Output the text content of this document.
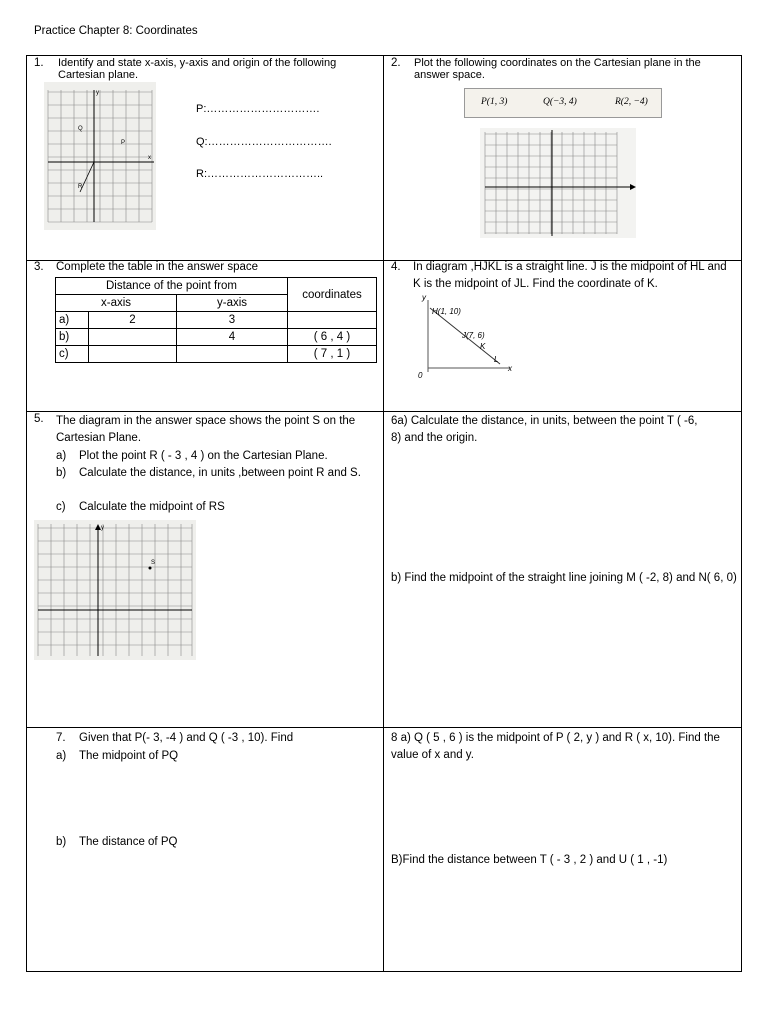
Practice Chapter 8: Coordinates
1. Identify and state x-axis, y-axis and origin of the following Cartesian plane.
y
x
Q
P
R
P:………………………….
Q:…………………………….
R:…………………………..
2. Plot the following coordinates on the Cartesian plane in the answer space.
P(1, 3)	Q(−3, 4)	R(2, −4)
3. Complete the table in the answer space
Distance of the point from			coordinates
x-axis		y-axis	
a)	2	3	
b)		4	( 6 , 4 )
c)			( 7 , 1 )
4. In diagram ,HJKL is a straight line. J is the midpoint of HL and K is the midpoint of JL. Find the coordinate of K.
y
x
0
H(1, 10)
J(7, 6)
K
L
5. The diagram in the answer space shows the point S on the Cartesian Plane.
a) Plot the point R ( - 3 , 4 ) on the Cartesian Plane.
b) Calculate the distance, in units ,between point R and S.
c) Calculate the midpoint of RS
y
S
6a) Calculate the distance, in units, between the point T ( -6, 8) and the origin.
b) Find the midpoint of the straight line joining M ( -2, 8) and N( 6, 0)
7. Given that P(- 3, -4 ) and Q ( -3 , 10). Find
a) The midpoint of PQ
b) The distance of PQ
8 a) Q ( 5 , 6 ) is the midpoint of P ( 2, y ) and R ( x, 10). Find the value of x and y.
B)Find the distance between T ( - 3 , 2 ) and U ( 1 , -1)
